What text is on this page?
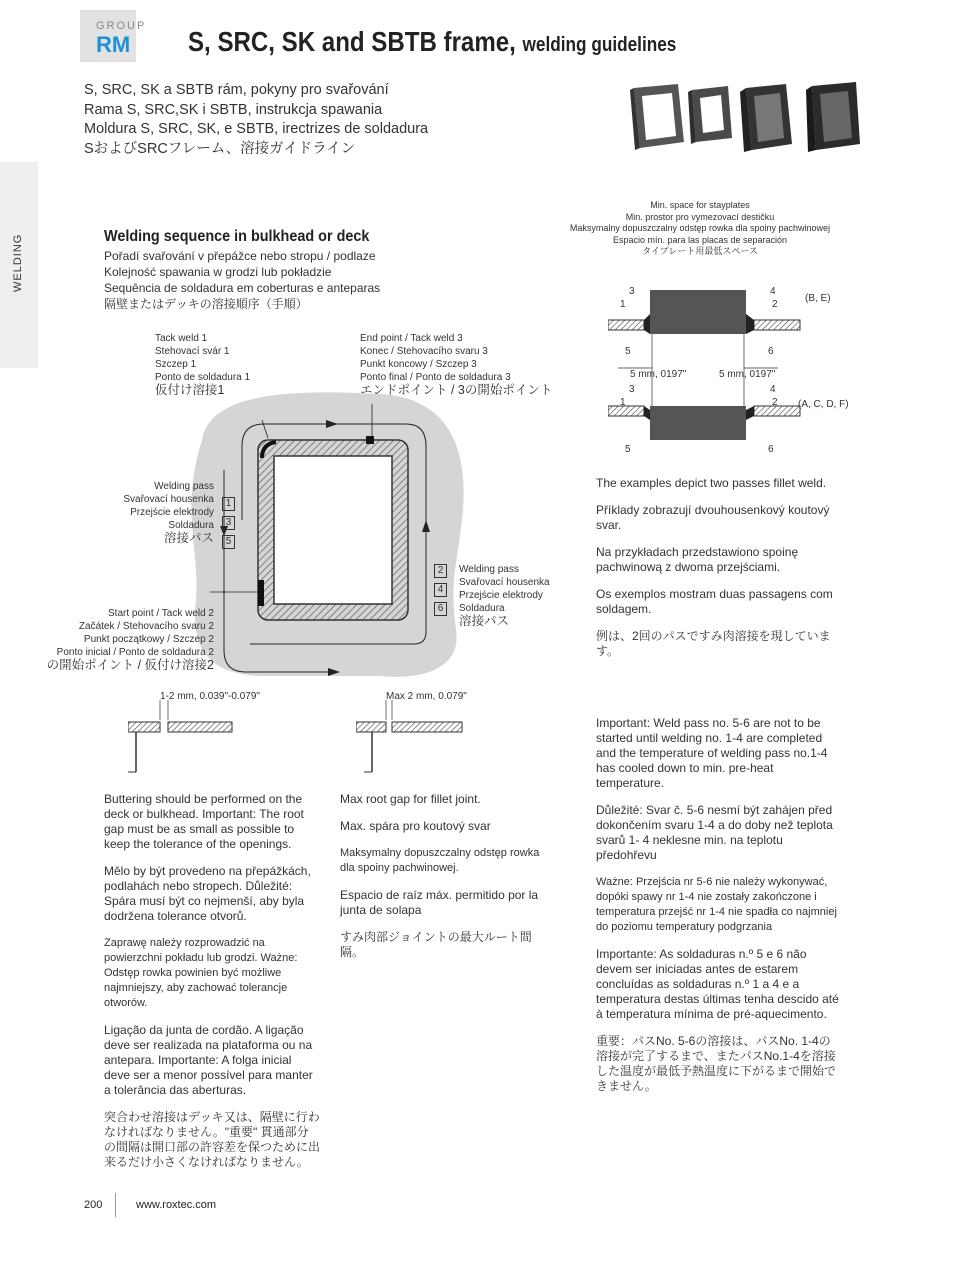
RM
GROUP S, SRC, SK and SBTB frame, welding guidelines
S, SRC, SK a SBTB rám, pokyny pro svařování
Rama S, SRC,SK i SBTB, instrukcja spawania
Moldura S, SRC, SK, e SBTB, irectrizes de soldadura
SおよびSRCフレーム、溶接ガイドライン
WELDING	Welding sequence in bulkhead or deck
Pořadí svařování v přepážce nebo stropu / podlaze
Kolejność spawania w grodzi lub pokładzie
Sequência de soldadura em coberturas e anteparas
隔壁またはデッキの溶接順序（手順）
Tack weld 1
Stehovací svár 1
Szczep 1
Ponto de soldadura 1
仮付け溶接1
End point / Tack weld 3
Konec / Stehovacího svaru 3
Punkt koncowy / Szczep 3
Ponto final / Ponto de soldadura 3
エンドポイント / 3の開始ポイント
Welding pass
Svařovací housenka
Przejście elektrody
Soldadura
溶接パス
1
3
5
2
4
6
Welding pass
Svařovací housenka
Przejście elektrody
Soldadura
溶接パス
Start point / Tack weld 2
Začátek / Stehovacího svaru 2
Punkt początkowy / Szczep 2
Ponto inicial / Ponto de soldadura 2
の開始ポイント / 仮付け溶接2
Min. space for stayplates
Min. prostor pro vymezovací destičku
Maksymalny dopuszczalny odstęp rowka dla spoiny pachwinowej
Espacio mín. para las placas de separación
タイプレート用最低スペース
3
1
4
2
(B, E)
5	6
5 mm, 0197"	5 mm, 0197"
3
1
4
2 (A, C, D, F)
5	6

The examples depict two passes fillet weld.

Příklady zobrazují dvouhousenkový koutový svar.

Na przykładach przedstawiono spoinę pachwinową z dwoma przejściami.

Os exemplos mostram duas passagens com soldagem.

例は、2回のパスですみ肉溶接を現しています。

1-2 mm, 0.039"-0.079"	Max 2 mm, 0.079"

Buttering should be performed on the deck or bulkhead. Important: The root gap must be as small as possible to keep the tolerance of the openings.

Mělo by být provedeno na přepážkách, podlahách nebo stropech. Důležité: Spára musí být co nejmenší, aby byla dodržena tolerance otvorů.

Zaprawę należy rozprowadzić na powierzchni pokładu lub grodzi. Ważne: Odstęp rowka powinien być możliwe najmniejszy, aby zachować tolerancje otworów.

Ligação da junta de cordão. A ligação deve ser realizada na plataforma ou na antepara. Importante: A folga inicial deve ser a menor possível para manter a tolerância das aberturas.

突合わせ溶接はデッキ又は、隔壁に行わなければなりません。"重要" 貫通部分の間隔は開口部の許容差を保つために出来るだけ小さくなければなりません。

Max root gap for fillet joint.

Max. spára pro koutový svar

Maksymalny dopuszczalny odstęp rowka dla spoiny pachwinowej.

Espacio de raíz máx. permitido por la junta de solapa

すみ肉部ジョイントの最大ルート間隔。

Important: Weld pass no. 5-6 are not to be started until welding no. 1-4 are completed and the temperature of welding pass no.1-4 has cooled down to min. pre-heat temperature.

Důležité: Svar č. 5-6 nesmí být zahájen před dokončením svaru 1-4 a do doby než teplota svarů 1- 4 neklesne min. na teplotu předohřevu

Ważne: Przejścia nr 5-6 nie należy wykonywać, dopóki spawy nr 1-4 nie zostały zakończone i temperatura przejść nr 1-4 nie spadła co najmniej do poziomu temperatury podgrzania

Importante: As soldaduras n.º 5 e 6 não devem ser iniciadas antes de estarem concluídas as soldaduras n.º 1 a 4 e a temperatura destas últimas tenha descido até à temperatura mínima de pré-aquecimento.

重要：パスNo. 5-6の溶接は、パスNo. 1-4の溶接が完了するまで、またパスNo.1-4を溶接した温度が最低予熱温度に下がるまで開始できません。

200	www.roxtec.com
